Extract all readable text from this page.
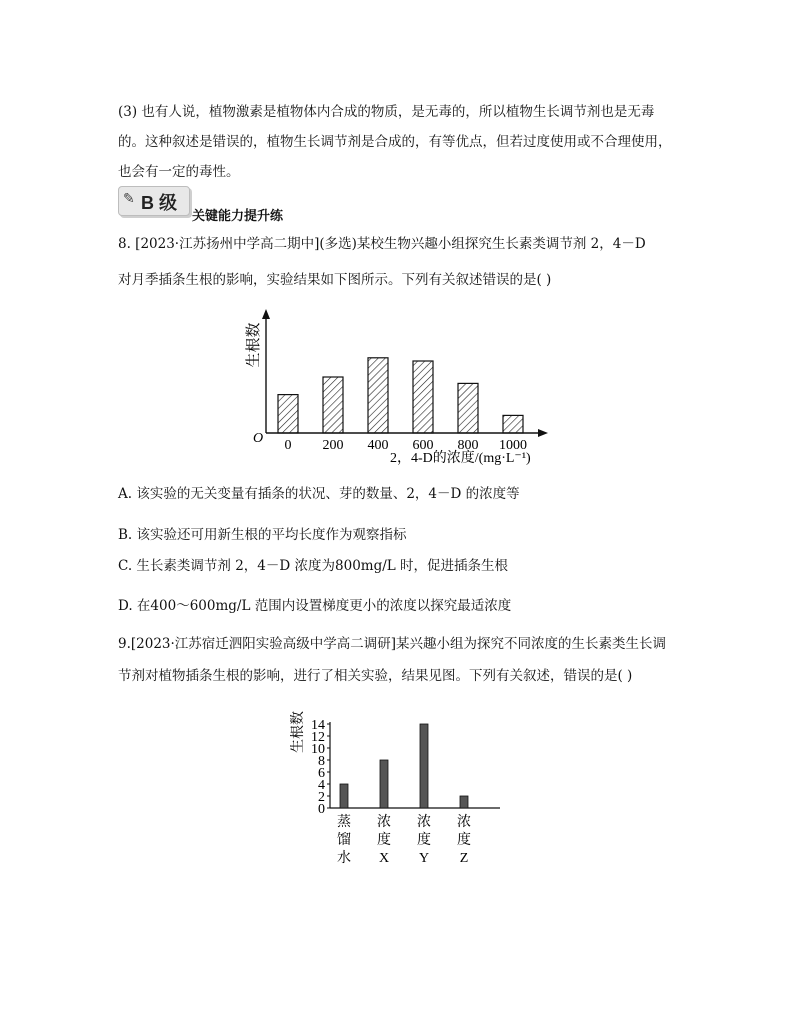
(3) 也有人说，植物激素是植物体内合成的物质，是无毒的，所以植物生长调节剂也是无毒
的。这种叙述是错误的，植物生长调节剂是合成的，有等优点，但若过度使用或不合理使用，
也会有一定的毒性。
✎ B 级
关键能力提升练
8. [2023·江苏扬州中学高二期中](多选)某校生物兴趣小组探究生长素类调节剂 2，4－D
对月季插条生根的影响，实验结果如下图所示。下列有关叙述错误的是( )
生根数
O 0 200 400 600 800 1000
2，4-D的浓度/(mg·L⁻¹)
A. 该实验的无关变量有插条的状况、芽的数量、2，4－D 的浓度等
B. 该实验还可用新生根的平均长度作为观察指标
C. 生长素类调节剂 2，4－D 浓度为800mg/L 时，促进插条生根
D. 在400～600mg/L 范围内设置梯度更小的浓度以探究最适浓度
9.[2023·江苏宿迁泗阳实验高级中学高二调研]某兴趣小组为探究不同浓度的生长素类生长调
节剂对植物插条生根的影响，进行了相关实验，结果见图。下列有关叙述，错误的是( )
生根数
0
2
4
6
8
10
12
14
蒸
馏
水
浓
度
X
浓
度
Y
浓
度
Z
